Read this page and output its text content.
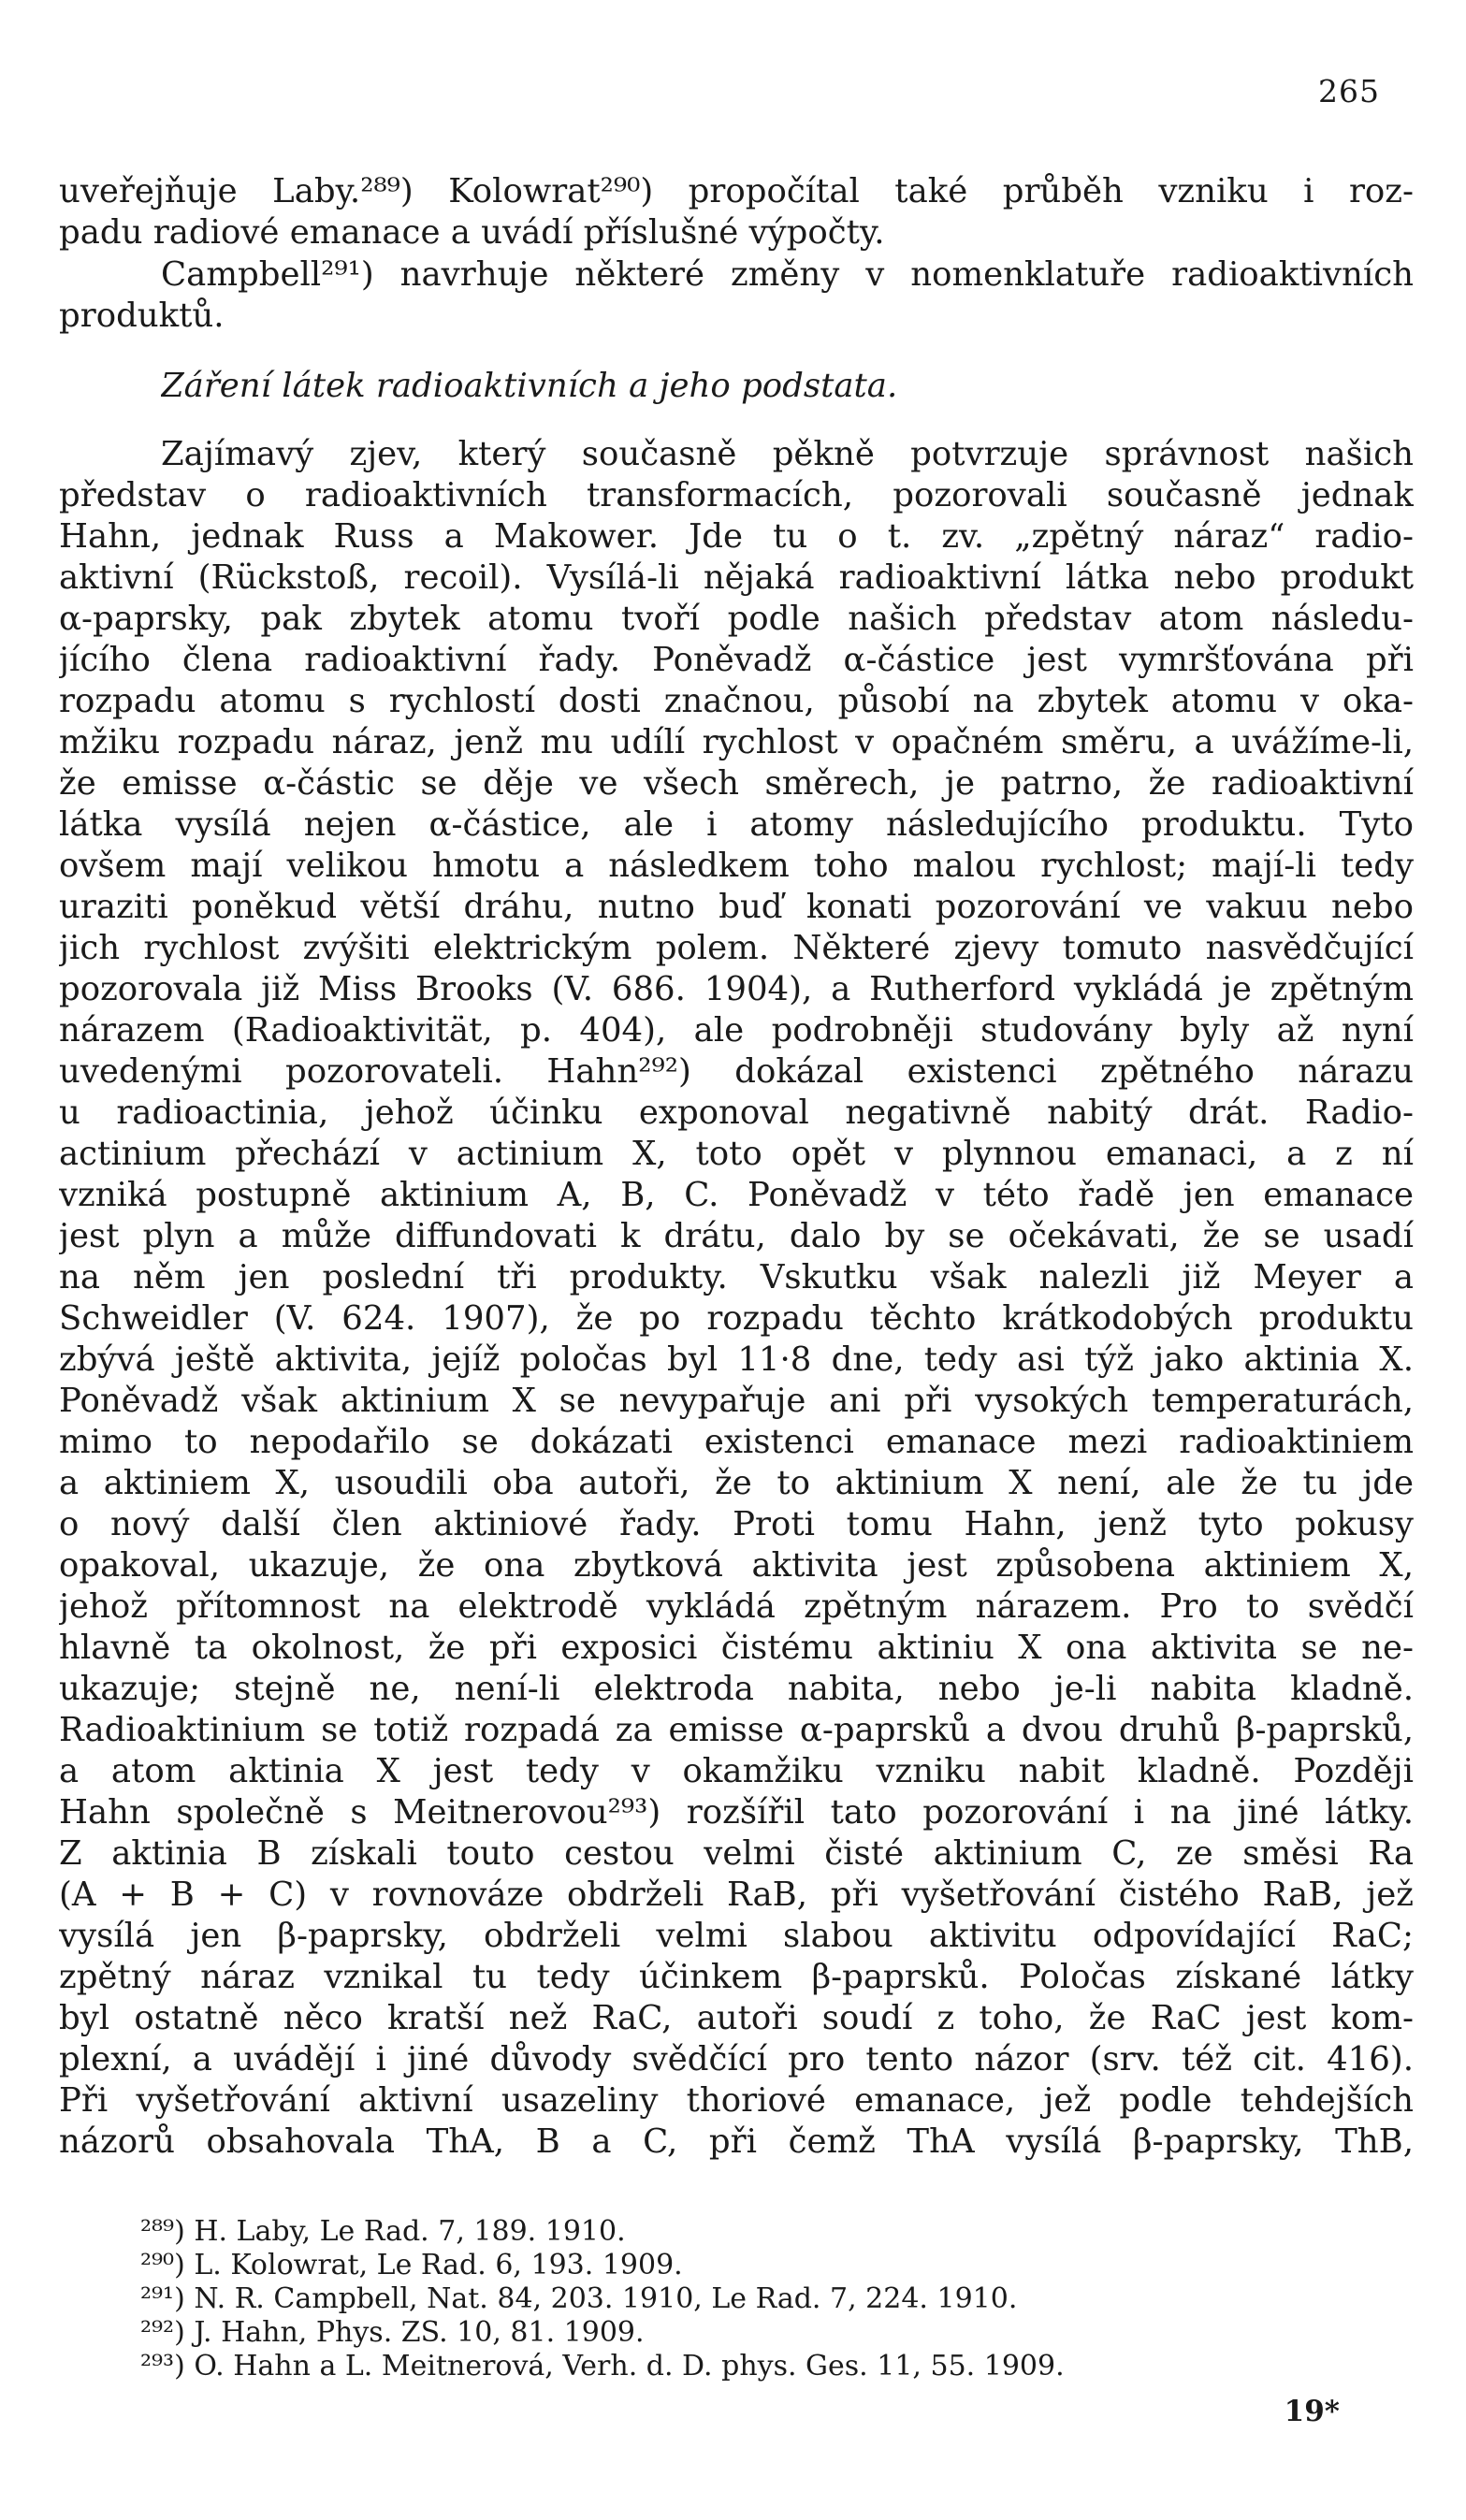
265
uveřejňuje Laby.²⁸⁹) Kolowrat²⁹⁰) propočítal také průběh vzniku i roz-
padu radiové emanace a uvádí příslušné výpočty.
Campbell²⁹¹) navrhuje některé změny v nomenklatuře radioaktivních
produktů.
Záření látek radioaktivních a jeho podstata.
Zajímavý zjev, který současně pěkně potvrzuje správnost našich
představ o radioaktivních transformacích, pozorovali současně jednak
Hahn, jednak Russ a Makower. Jde tu o t. zv. „zpětný náraz“ radio-
aktivní (Rückstoß, recoil). Vysílá-li nějaká radioaktivní látka nebo produkt
α-paprsky, pak zbytek atomu tvoří podle našich představ atom následu-
jícího člena radioaktivní řady. Poněvadž α-částice jest vymršťována při
rozpadu atomu s rychlostí dosti značnou, působí na zbytek atomu v oka-
mžiku rozpadu náraz, jenž mu udílí rychlost v opačném směru, a uvážíme-li,
že emisse α-částic se děje ve všech směrech, je patrno, že radioaktivní
látka vysílá nejen α-částice, ale i atomy následujícího produktu. Tyto
ovšem mají velikou hmotu a následkem toho malou rychlost; mají-li tedy
uraziti poněkud větší dráhu, nutno buď konati pozorování ve vakuu nebo
jich rychlost zvýšiti elektrickým polem. Některé zjevy tomuto nasvědčující
pozorovala již Miss Brooks (V. 686. 1904), a Rutherford vykládá je zpětným
nárazem (Radioaktivität, p. 404), ale podrobněji studovány byly až nyní
uvedenými pozorovateli. Hahn²⁹²) dokázal existenci zpětného nárazu
u radioactinia, jehož účinku exponoval negativně nabitý drát. Radio-
actinium přechází v actinium X, toto opět v plynnou emanaci, a z ní
vzniká postupně aktinium A, B, C. Poněvadž v této řadě jen emanace
jest plyn a může diffundovati k drátu, dalo by se očekávati, že se usadí
na něm jen poslední tři produkty. Vskutku však nalezli již Meyer a
Schweidler (V. 624. 1907), že po rozpadu těchto krátkodobých produktu
zbývá ještě aktivita, jejíž poločas byl 11·8 dne, tedy asi týž jako aktinia X.
Poněvadž však aktinium X se nevypařuje ani při vysokých temperaturách,
mimo to nepodařilo se dokázati existenci emanace mezi radioaktiniem
a aktiniem X, usoudili oba autoři, že to aktinium X není, ale že tu jde
o nový další člen aktiniové řady. Proti tomu Hahn, jenž tyto pokusy
opakoval, ukazuje, že ona zbytková aktivita jest způsobena aktiniem X,
jehož přítomnost na elektrodě vykládá zpětným nárazem. Pro to svědčí
hlavně ta okolnost, že při exposici čistému aktiniu X ona aktivita se ne-
ukazuje; stejně ne, není-li elektroda nabita, nebo je-li nabita kladně.
Radioaktinium se totiž rozpadá za emisse α-paprsků a dvou druhů β-paprsků,
a atom aktinia X jest tedy v okamžiku vzniku nabit kladně. Později
Hahn společně s Meitnerovou²⁹³) rozšířil tato pozorování i na jiné látky.
Z aktinia B získali touto cestou velmi čisté aktinium C, ze směsi Ra
(A + B + C) v rovnováze obdrželi RaB, při vyšetřování čistého RaB, jež
vysílá jen β-paprsky, obdrželi velmi slabou aktivitu odpovídající RaC;
zpětný náraz vznikal tu tedy účinkem β-paprsků. Poločas získané látky
byl ostatně něco kratší než RaC, autoři soudí z toho, že RaC jest kom-
plexní, a uvádějí i jiné důvody svědčící pro tento názor (srv. též cit. 416).
Při vyšetřování aktivní usazeliny thoriové emanace, jež podle tehdejších
názorů obsahovala ThA, B a C, při čemž ThA vysílá β-paprsky, ThB,
²⁸⁹) H. Laby, Le Rad. 7, 189. 1910.
²⁹⁰) L. Kolowrat, Le Rad. 6, 193. 1909.
²⁹¹) N. R. Campbell, Nat. 84, 203. 1910, Le Rad. 7, 224. 1910.
²⁹²) J. Hahn, Phys. ZS. 10, 81. 1909.
²⁹³) O. Hahn a L. Meitnerová, Verh. d. D. phys. Ges. 11, 55. 1909.
19*
